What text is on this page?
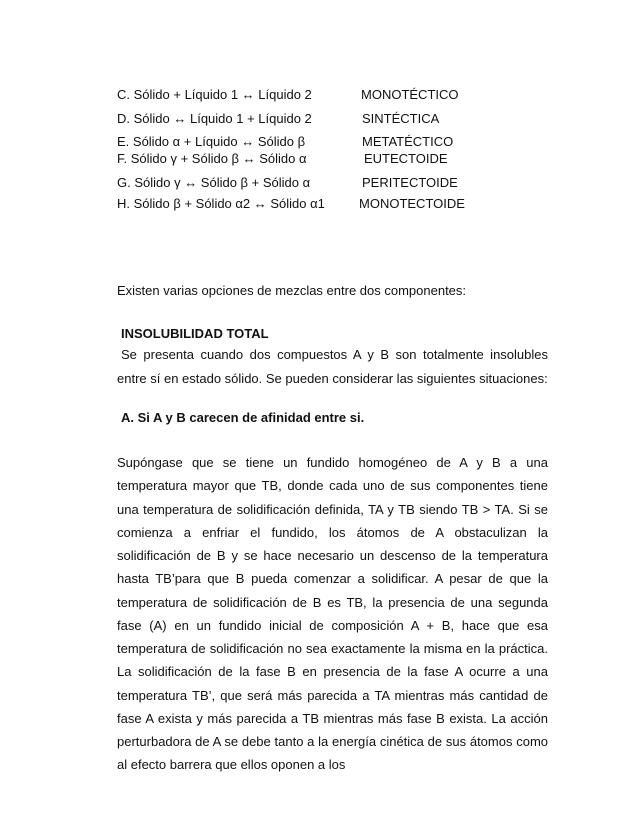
C. Sólido + Líquido 1 ↔ Líquido 2	MONOTÉCTICO
D. Sólido ↔ Líquido 1 + Líquido 2	SINTÉCTICA
E. Sólido α + Líquido ↔ Sólido β	METATÉCTICO
F. Sólido γ + Sólido β ↔ Sólido α	EUTECTOIDE
G. Sólido γ ↔ Sólido β + Sólido α	PERITECTOIDE
H. Sólido β + Sólido α2 ↔ Sólido α1	MONOTECTOIDE
Existen varias opciones de mezclas entre dos componentes:
INSOLUBILIDAD TOTAL
Se presenta cuando dos compuestos A y B son totalmente insolubles entre sí en estado sólido. Se pueden considerar las siguientes situaciones:
A. Si A y B carecen de afinidad entre si.
Supóngase que se tiene un fundido homogéneo de A y B a una temperatura mayor que TB, donde cada uno de sus componentes tiene una temperatura de solidificación definida, TA y TB siendo TB > TA. Si se comienza a enfriar el fundido, los átomos de A obstaculizan la solidificación de B y se hace necesario un descenso de la temperatura hasta TB’para que B pueda comenzar a solidificar. A pesar de que la temperatura de solidificación de B es TB, la presencia de una segunda fase (A) en un fundido inicial de composición A + B, hace que esa temperatura de solidificación no sea exactamente la misma en la práctica. La solidificación de la fase B en presencia de la fase A ocurre a una temperatura TB’, que será más parecida a TA mientras más cantidad de fase A exista y más parecida a TB mientras más fase B exista. La acción perturbadora de A se debe tanto a la energía cinética de sus átomos como al efecto barrera que ellos oponen a los
